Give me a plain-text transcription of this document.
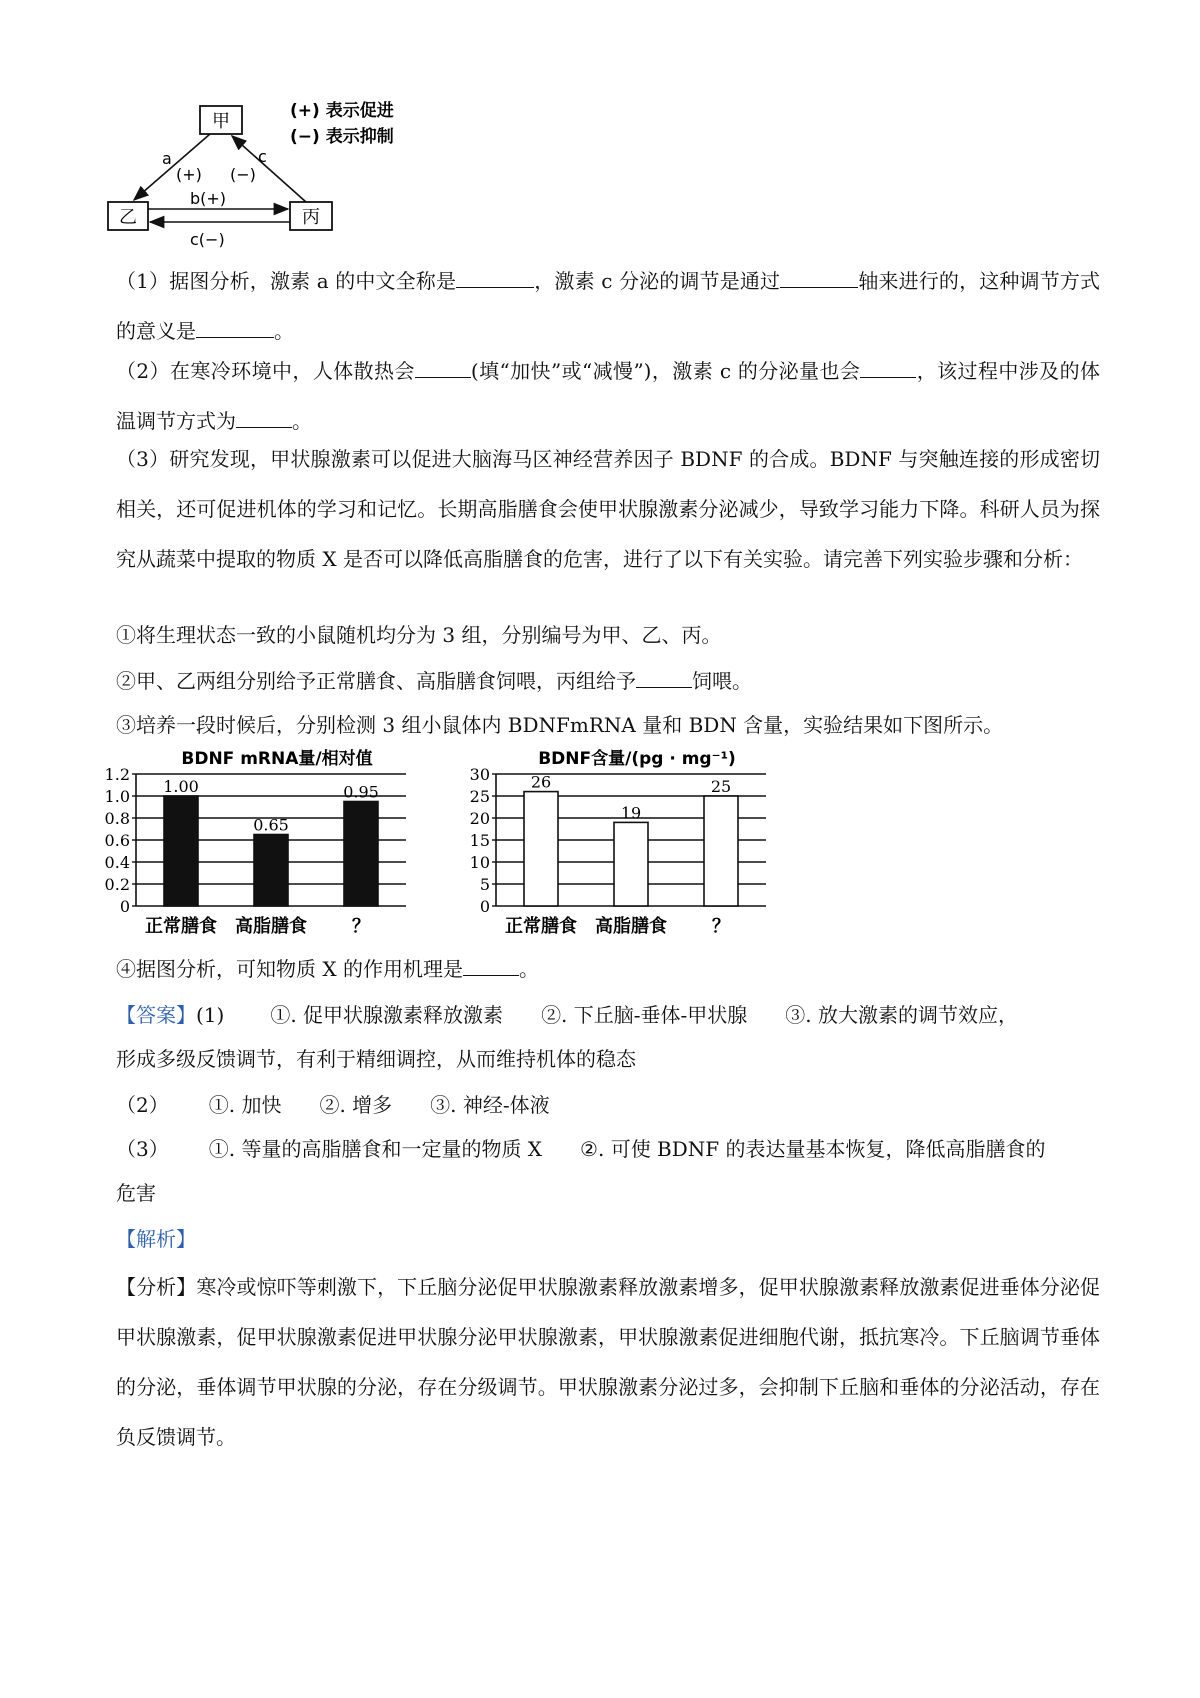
甲
乙	丙
a
(+)
c
(−)
b(+)
c(−)
(+) 表示促进
(−) 表示抑制
（1）据图分析，激素 a 的中文全称是	，激素 c 分泌的调节是通过	轴来进行的，这种调节方式的意义是	。
（2）在寒冷环境中，人体散热会	(填“加快”或“减慢”)，激素 c 的分泌量也会	，该过程中涉及的体温调节方式为	。
（3）研究发现，甲状腺激素可以促进大脑海马区神经营养因子 BDNF 的合成。BDNF 与突触连接的形成密切相关，还可促进机体的学习和记忆。长期高脂膳食会使甲状腺激素分泌减少，导致学习能力下降。科研人员为探究从蔬菜中提取的物质 X 是否可以降低高脂膳食的危害，进行了以下有关实验。请完善下列实验步骤和分析：
①将生理状态一致的小鼠随机均分为 3 组，分别编号为甲、乙、丙。
②甲、乙两组分别给予正常膳食、高脂膳食饲喂，丙组给予	饲喂。
③培养一段时候后，分别检测 3 组小鼠体内 BDNFmRNA 量和 BDN 含量，实验结果如下图所示。
BDNF mRNA量/相对值
0
0.2
0.4
0.6
0.8
1.0
1.2
1.00
正常膳食
0.65
高脂膳食
0.95
？
BDNF含量/(pg · mg⁻¹)
0
5
10
15
20
25
30	26
正常膳食
19
高脂膳食
25
？
④据图分析，可知物质 X 的作用机理是	。
【答案】(1) ①. 促甲状腺激素释放激素 ②. 下丘脑-垂体-甲状腺 ③. 放大激素的调节效应，
形成多级反馈调节，有利于精细调控，从而维持机体的稳态
（2） ①. 加快 ②. 增多 ③. 神经-体液
（3） ①. 等量的高脂膳食和一定量的物质 X ②. 可使 BDNF 的表达量基本恢复，降低高脂膳食的
危害
【解析】
【分析】寒冷或惊吓等刺激下，下丘脑分泌促甲状腺激素释放激素增多，促甲状腺激素释放激素促进垂体分泌促甲状腺激素，促甲状腺激素促进甲状腺分泌甲状腺激素，甲状腺激素促进细胞代谢，抵抗寒冷。下丘脑调节垂体的分泌，垂体调节甲状腺的分泌，存在分级调节。甲状腺激素分泌过多，会抑制下丘脑和垂体的分泌活动，存在负反馈调节。
